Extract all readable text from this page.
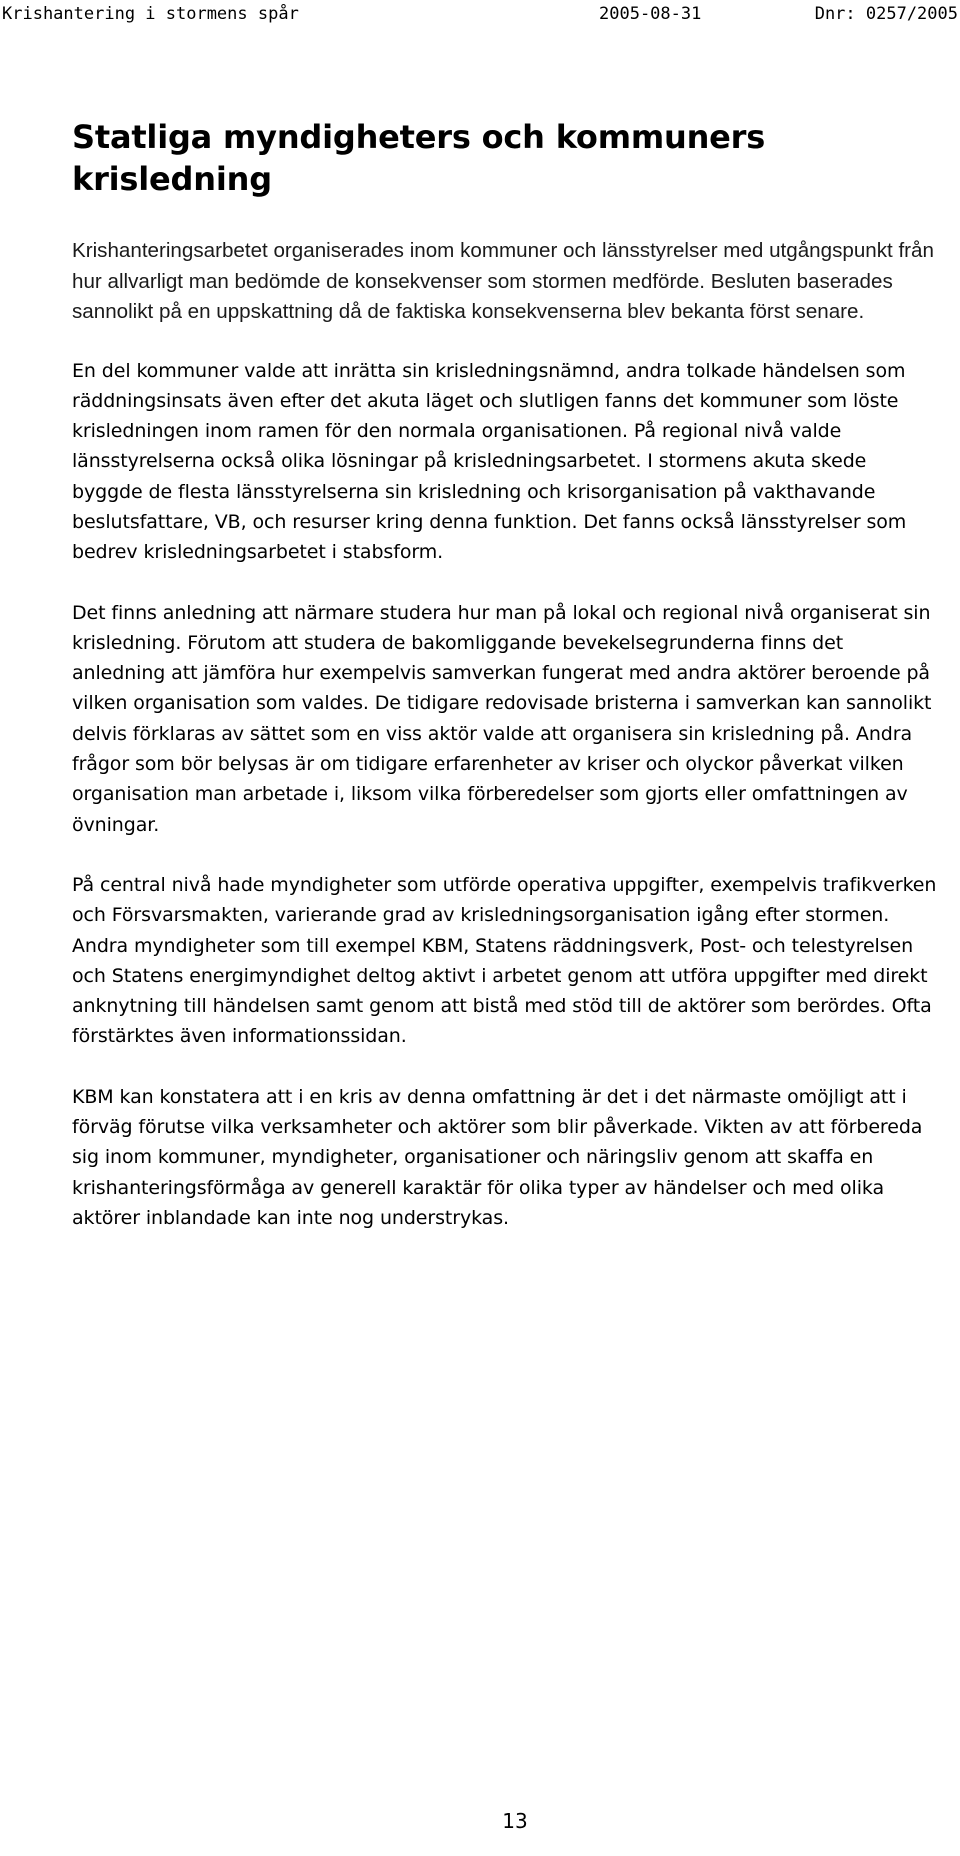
Krishantering i stormens spår	2005-08-31	Dnr: 0257/2005
Statliga myndigheters och kommuners krisledning

Krishanteringsarbetet organiserades inom kommuner och länsstyrelser med utgångspunkt från hur allvarligt man bedömde de konsekvenser som stormen medförde. Besluten baserades sannolikt på en uppskattning då de faktiska konsekvenserna blev bekanta först senare.

En del kommuner valde att inrätta sin krisledningsnämnd, andra tolkade händelsen som räddningsinsats även efter det akuta läget och slutligen fanns det kommuner som löste krisledningen inom ramen för den normala organisationen. På regional nivå valde länsstyrelserna också olika lösningar på krisledningsarbetet. I stormens akuta skede byggde de flesta länsstyrelserna sin krisledning och krisorganisation på vakthavande beslutsfattare, VB, och resurser kring denna funktion. Det fanns också länsstyrelser som bedrev krisledningsarbetet i stabsform.

Det finns anledning att närmare studera hur man på lokal och regional nivå organiserat sin krisledning. Förutom att studera de bakomliggande bevekelsegrunderna finns det anledning att jämföra hur exempelvis samverkan fungerat med andra aktörer beroende på vilken organisation som valdes. De tidigare redovisade bristerna i samverkan kan sannolikt delvis förklaras av sättet som en viss aktör valde att organisera sin krisledning på. Andra frågor som bör belysas är om tidigare erfarenheter av kriser och olyckor påverkat vilken organisation man arbetade i, liksom vilka förberedelser som gjorts eller omfattningen av övningar.

På central nivå hade myndigheter som utförde operativa uppgifter, exempelvis trafikverken och Försvarsmakten, varierande grad av krisledningsorganisation igång efter stormen. Andra myndigheter som till exempel KBM, Statens räddningsverk, Post- och telestyrelsen och Statens energimyndighet deltog aktivt i arbetet genom att utföra uppgifter med direkt anknytning till händelsen samt genom att bistå med stöd till de aktörer som berördes. Ofta förstärktes även informationssidan.

KBM kan konstatera att i en kris av denna omfattning är det i det närmaste omöjligt att i förväg förutse vilka verksamheter och aktörer som blir påverkade. Vikten av att förbereda sig inom kommuner, myndigheter, organisationer och näringsliv genom att skaffa en krishanteringsförmåga av generell karaktär för olika typer av händelser och med olika aktörer inblandade kan inte nog understrykas.

13
